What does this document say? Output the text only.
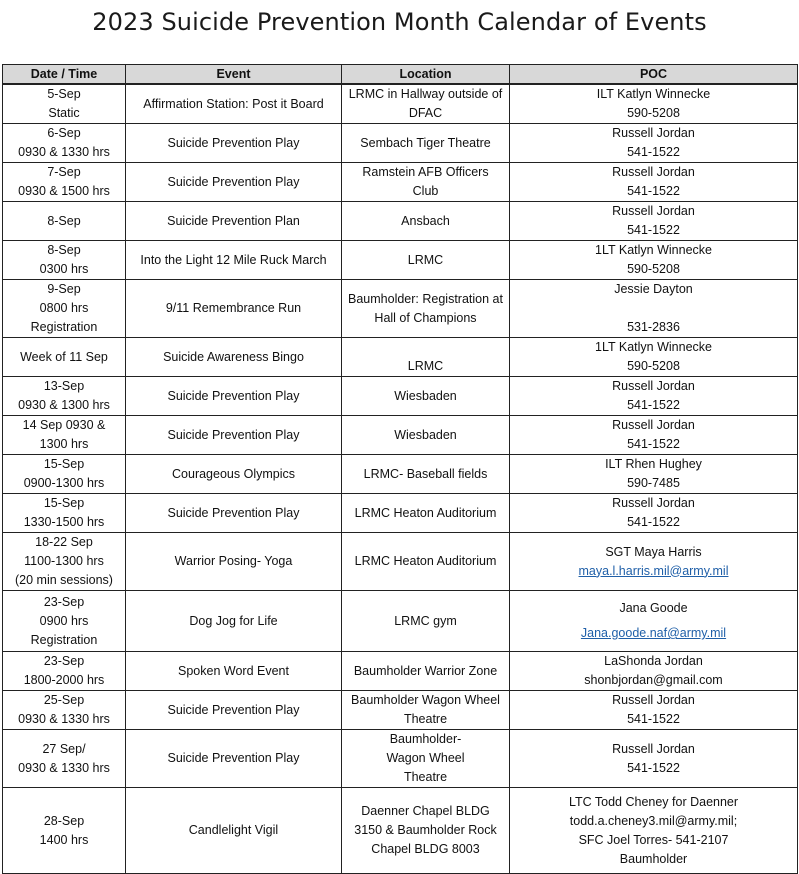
2023 Suicide Prevention Month Calendar of Events
Date / Time	Event	Location	POC

5-Sep
Static	Affirmation Station: Post it Board	LRMC in Hallway outside of
DFAC	ILT Katlyn Winnecke
590-5208

6-Sep
0930 & 1330 hrs	Suicide Prevention Play	Sembach Tiger Theatre	Russell Jordan
541-1522

7-Sep
0930 & 1500 hrs	Suicide Prevention Play	Ramstein AFB Officers
Club	Russell Jordan
541-1522

8-Sep	Suicide Prevention Plan	Ansbach	Russell Jordan
541-1522

8-Sep
0300 hrs	Into the Light 12 Mile Ruck March	LRMC	1LT Katlyn Winnecke
590-5208

9-Sep
0800 hrs
Registration	9/11 Remembrance Run	Baumholder: Registration at
Hall of Champions	Jessie Dayton

531-2836

Week of 11 Sep	Suicide Awareness Bingo	LRMC	1LT Katlyn Winnecke
590-5208

13-Sep
0930 & 1300 hrs	Suicide Prevention Play	Wiesbaden	Russell Jordan
541-1522

14 Sep 0930 &
1300 hrs	Suicide Prevention Play	Wiesbaden	Russell Jordan
541-1522

15-Sep
0900-1300 hrs	Courageous Olympics	LRMC- Baseball fields	ILT Rhen Hughey
590-7485

15-Sep
1330-1500 hrs	Suicide Prevention Play	LRMC Heaton Auditorium	Russell Jordan
541-1522

18-22 Sep
1100-1300 hrs
(20 min sessions)	Warrior Posing- Yoga	LRMC Heaton Auditorium	SGT Maya Harris
maya.l.harris.mil@army.mil

23-Sep
0900 hrs
Registration	Dog Jog for Life	LRMC gym	Jana Goode
Jana.goode.naf@army.mil

23-Sep
1800-2000 hrs	Spoken Word Event	Baumholder Warrior Zone	LaShonda Jordan
shonbjordan@gmail.com

25-Sep
0930 & 1330 hrs	Suicide Prevention Play	Baumholder Wagon Wheel
Theatre	Russell Jordan
541-1522

27 Sep/
0930 & 1330 hrs	Suicide Prevention Play	Baumholder-
Wagon Wheel
Theatre	Russell Jordan
541-1522

28-Sep
1400 hrs	Candlelight Vigil	Daenner Chapel BLDG
3150 & Baumholder Rock
Chapel BLDG 8003	LTC Todd Cheney for Daenner
todd.a.cheney3.mil@army.mil;
SFC Joel Torres- 541-2107
Baumholder
